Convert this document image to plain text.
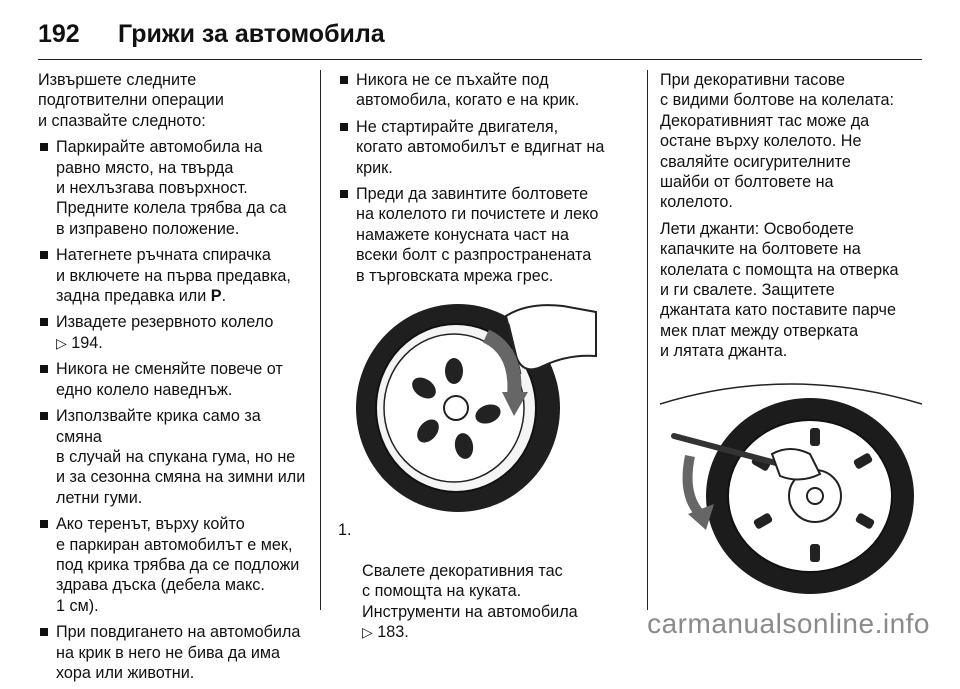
192	Грижи за автомобила

Извършете следните
подготвителни операции
и спазвайте следното:

Паркирайте автомобила на
равно място, на твърда
и нехлъзгава повърхност.
Предните колела трябва да са
в изправено положение.
Натегнете ръчната спирачка
и включете на първа предавка,
задна предавка или P.
Извадете резервното колело
▷ 194.
Никога не сменяйте повече от
едно колело наведнъж.
Използвайте крика само за смяна
в случай на спукана гума, но не
и за сезонна смяна на зимни или
летни гуми.
Ако теренът, върху който
е паркиран автомобилът е мек,
под крика трябва да се подложи
здрава дъска (дебела макс.
1 см).
При повдигането на автомобила
на крик в него не бива да има
хора или животни.
Никога не се пъхайте под
автомобила, когато е на крик.
Не стартирайте двигателя,
когато автомобилът е вдигнат на
крик.
Преди да завинтите болтовете
на колелото ги почистете и леко
намажете конусната част на
всеки болт с разпространената
в търговската мрежа грес.

1.

Свалете декоративния тас
с помощта на куката.
Инструменти на автомобила
▷ 183.

При декоративни тасове
с видими болтове на колелата:
Декоративният тас може да
остане върху колелото. Не
сваляйте осигурителните
шайби от болтовете на
колелото.

Лети джанти: Освободете
капачките на болтовете на
колелата с помощта на отверка
и ги свалете. Защитете
джантата като поставите парче
мек плат между отверката
и лятата джанта.

carmanualsonline.info
